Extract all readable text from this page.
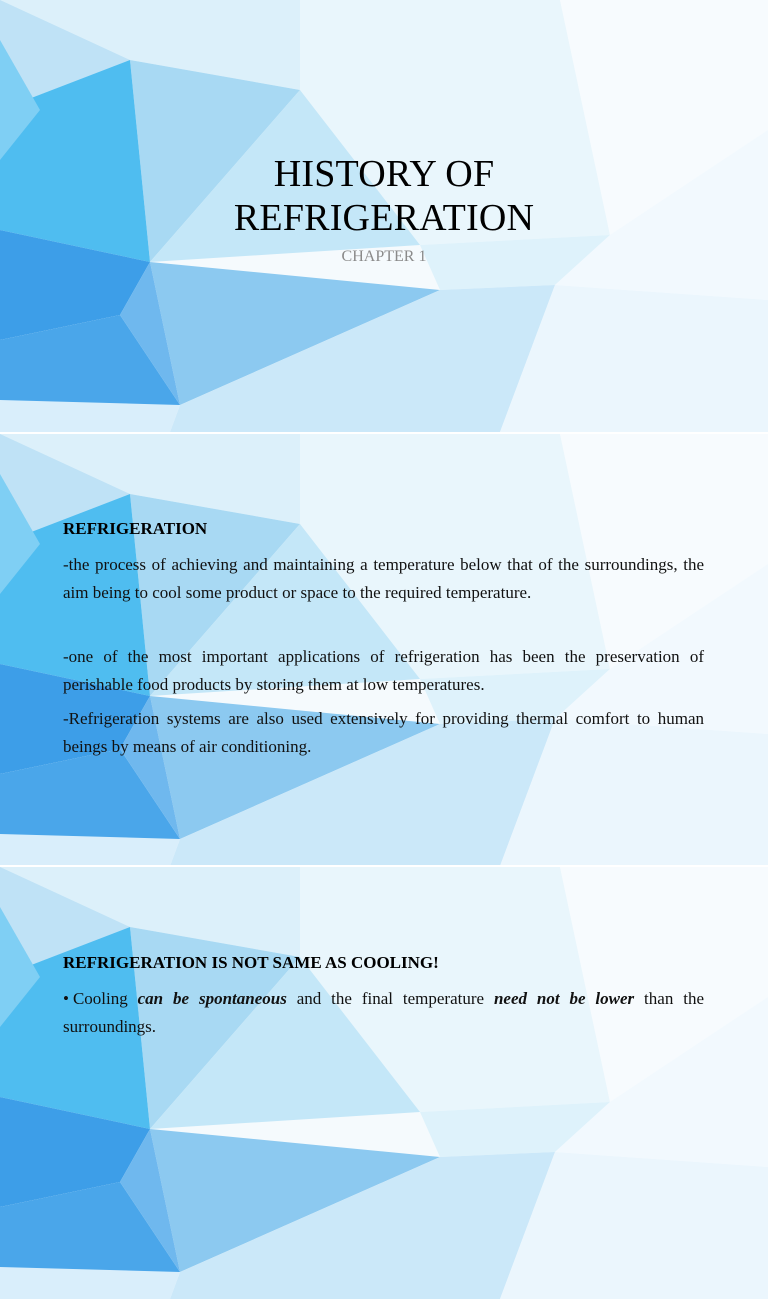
HISTORY OF
REFRIGERATION
CHAPTER 1
REFRIGERATION

-the process of achieving and maintaining a temperature below that of the surroundings, the aim being to cool some product or space to the required temperature.

-one of the most important applications of refrigeration has been the preservation of perishable food products by storing them at low temperatures.

-Refrigeration systems are also used extensively for providing thermal comfort to human beings by means of air conditioning.

REFRIGERATION IS NOT SAME AS COOLING!

• Cooling can be spontaneous and the final temperature need not be lower than the surroundings.
